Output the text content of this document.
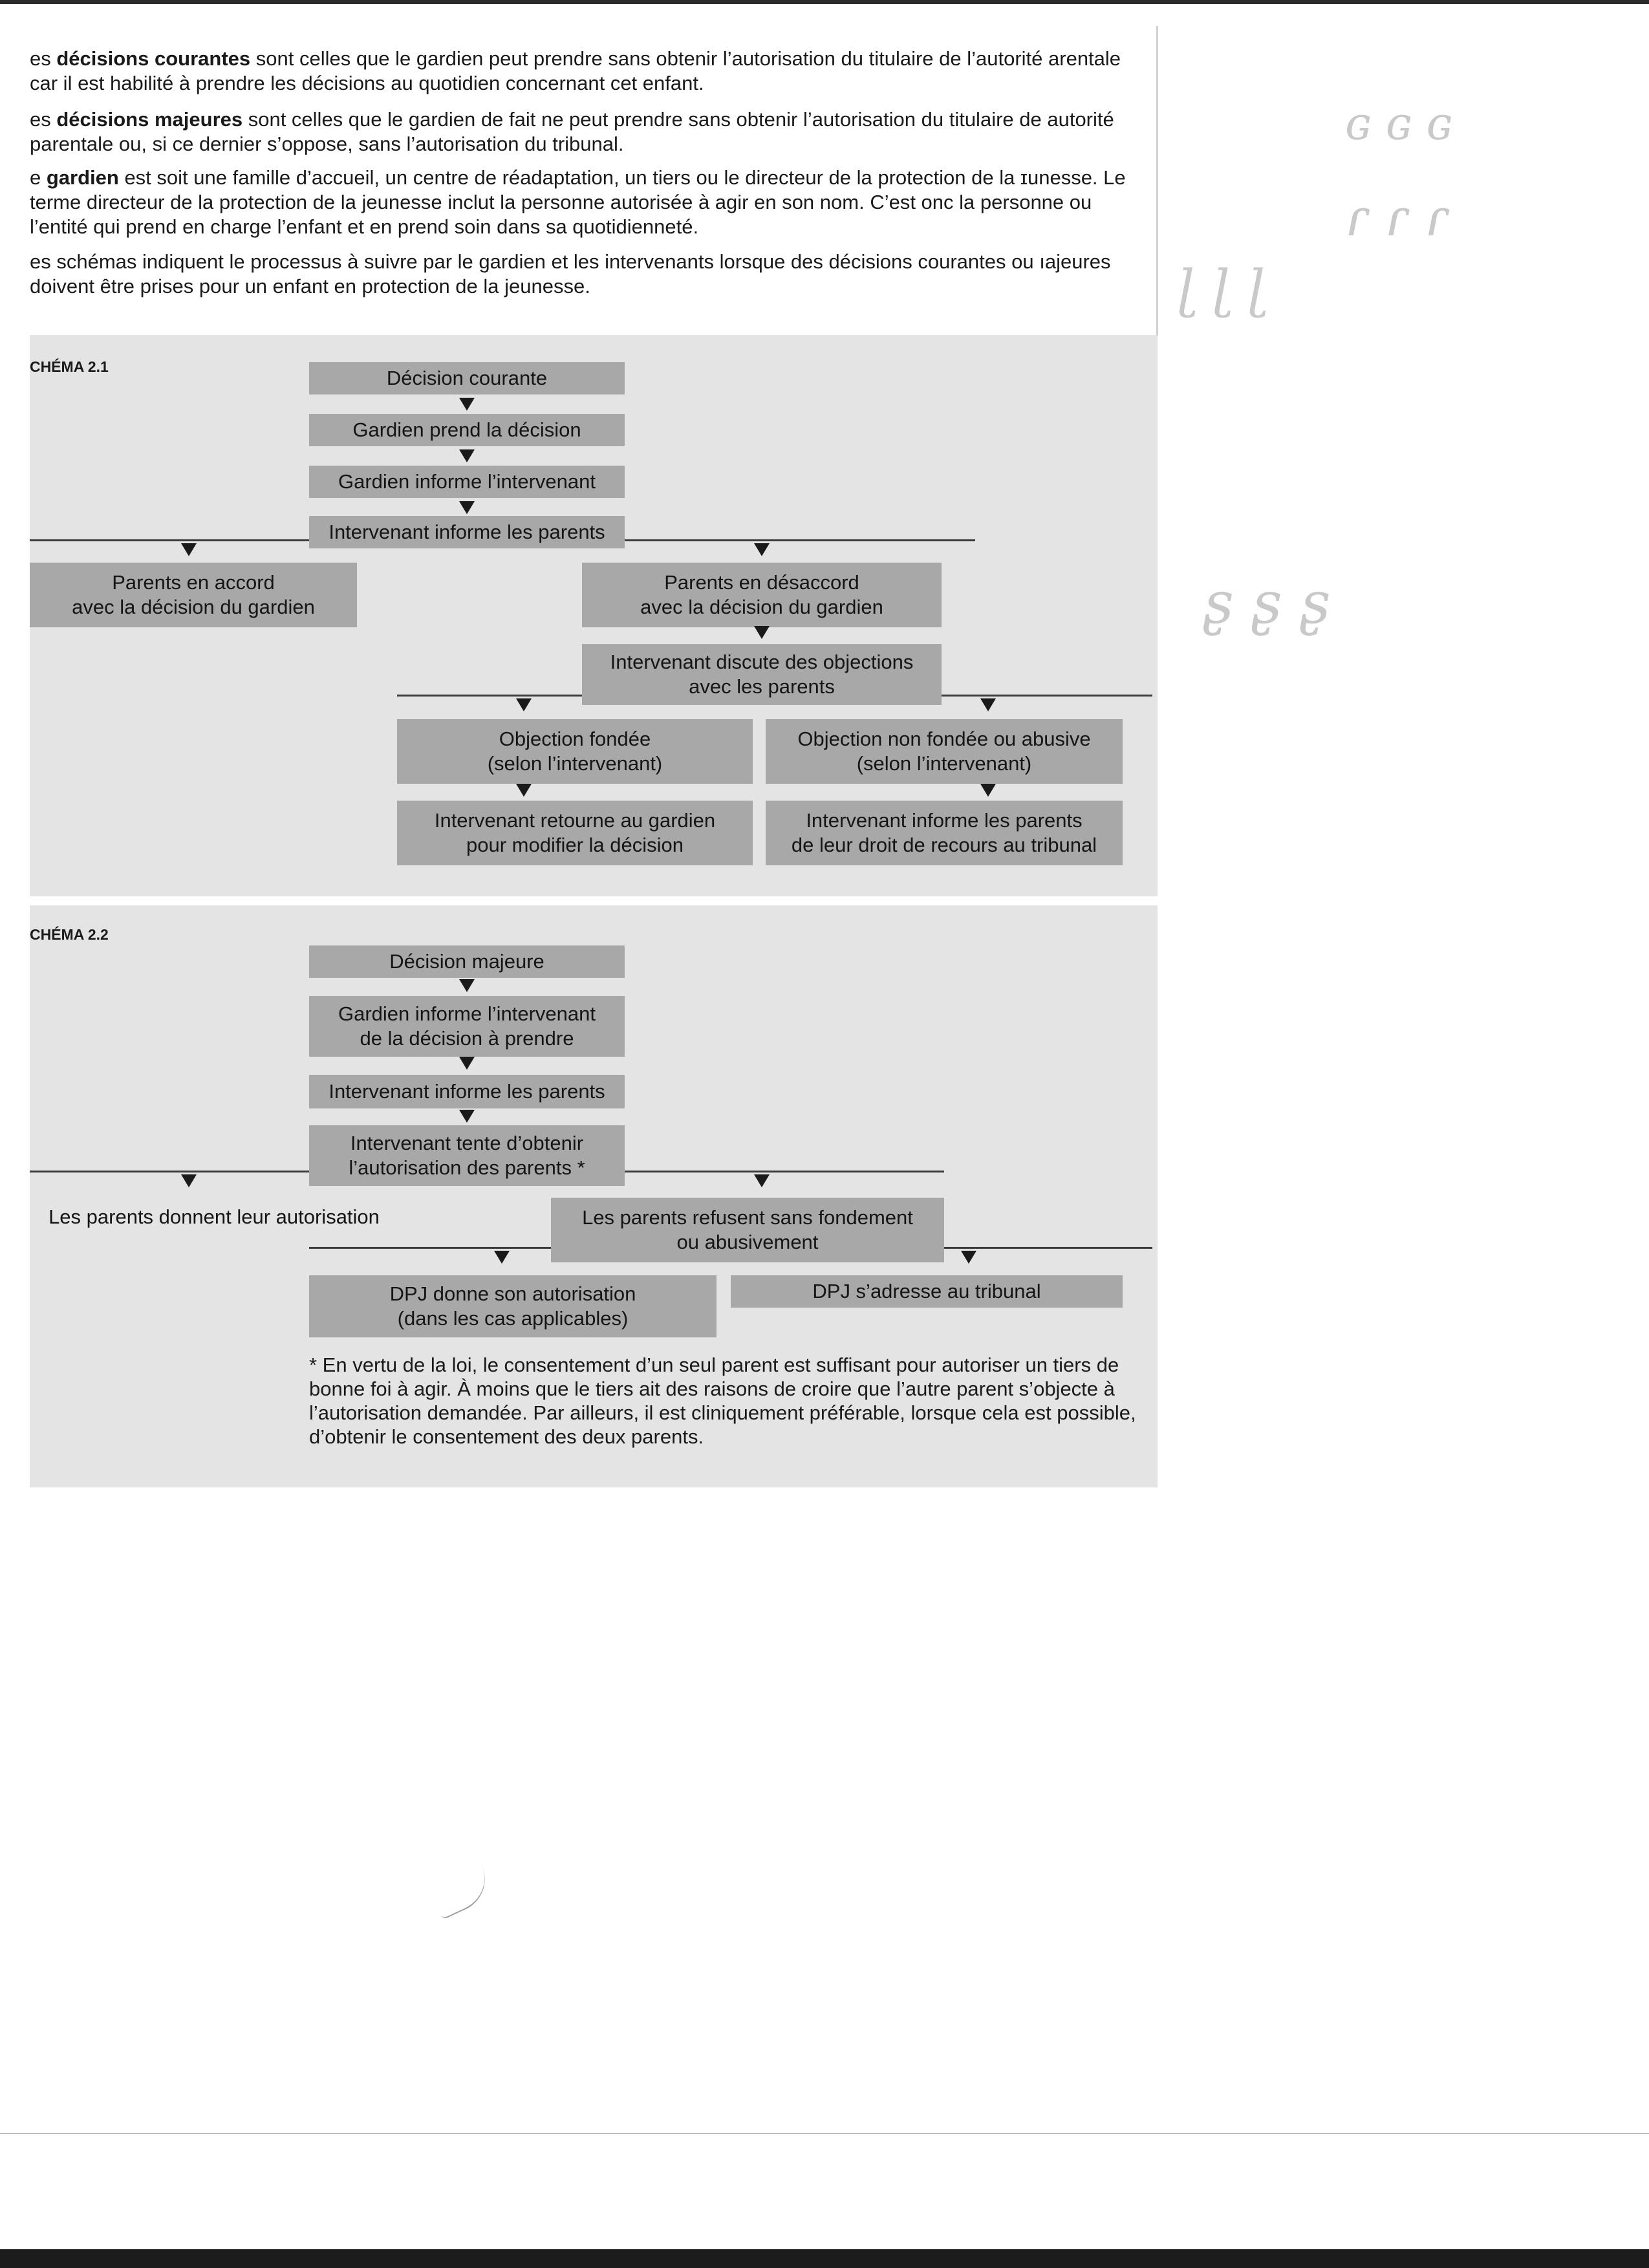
es décisions courantes sont celles que le gardien peut prendre sans obtenir l’autorisation du titulaire de l’autorité arentale car il est habilité à prendre les décisions au quotidien concernant cet enfant.

es décisions majeures sont celles que le gardien de fait ne peut prendre sans obtenir l’autorisation du titulaire de autorité parentale ou, si ce dernier s’oppose, sans l’autorisation du tribunal.

e gardien est soit une famille d’accueil, un centre de réadaptation, un tiers ou le directeur de la protection de la ɪunesse. Le terme directeur de la protection de la jeunesse inclut la personne autorisée à agir en son nom. C’est onc la personne ou l’entité qui prend en charge l’enfant et en prend soin dans sa quotidienneté.

es schémas indiquent le processus à suivre par le gardien et les intervenants lorsque des décisions courantes ou ıajeures doivent être prises pour un enfant en protection de la jeunesse.

ɢ ɢ ɢ
ɾ ɾ ɾ
ɭ ɭ ɭ
ʂ ʂ ʂ
CHÉMA 2.1	Décision courante
Gardien prend la décision
Gardien informe l’intervenant
Intervenant informe les parents
Parents en accord
avec la décision du gardien
Parents en désaccord
avec la décision du gardien
Intervenant discute des objections
avec les parents
Objection fondée
(selon l’intervenant)
Objection non fondée ou abusive
(selon l’intervenant)
Intervenant retourne au gardien
pour modifier la décision
Intervenant informe les parents
de leur droit de recours au tribunal
CHÉMA 2.2
Décision majeure
Gardien informe l’intervenant
de la décision à prendre
Intervenant informe les parents
Intervenant tente d’obtenir
l’autorisation des parents *
Les parents donnent leur autorisation	Les parents refusent sans fondement
ou abusivement
DPJ donne son autorisation
(dans les cas applicables)
DPJ s’adresse au tribunal

* En vertu de la loi, le consentement d’un seul parent est suffisant pour autoriser un tiers de bonne foi à agir. À moins que le tiers ait des raisons de croire que l’autre parent s’objecte à l’autorisation demandée. Par ailleurs, il est cliniquement préférable, lorsque cela est possible, d’obtenir le consentement des deux parents.
